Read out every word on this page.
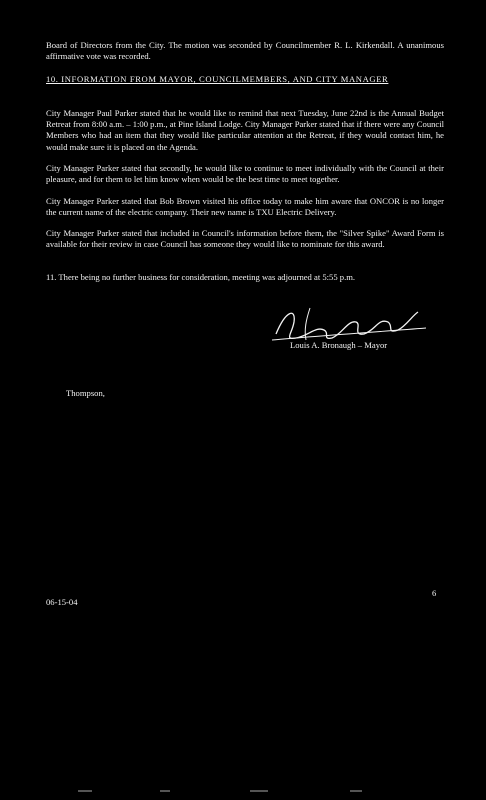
Board of Directors from the City. The motion was seconded by Councilmember R. L. Kirkendall. A unanimous affirmative vote was recorded.

10. INFORMATION FROM MAYOR, COUNCILMEMBERS, AND CITY MANAGER

City Manager Paul Parker stated that he would like to remind that next Tuesday, June 22nd is the Annual Budget Retreat from 8:00 a.m. – 1:00 p.m., at Pine Island Lodge. City Manager Parker stated that if there were any Council Members who had an item that they would like particular attention at the Retreat, if they would contact him, he would make sure it is placed on the Agenda.

City Manager Parker stated that secondly, he would like to continue to meet individually with the Council at their pleasure, and for them to let him know when would be the best time to meet together.

City Manager Parker stated that Bob Brown visited his office today to make him aware that ONCOR is no longer the current name of the electric company. Their new name is TXU Electric Delivery.

City Manager Parker stated that included in Council's information before them, the "Silver Spike" Award Form is available for their review in case Council has someone they would like to nominate for this award.

11. There being no further business for consideration, meeting was adjourned at 5:55 p.m.

Louis A. Bronaugh – Mayor
Thompson,
6
06-15-04
